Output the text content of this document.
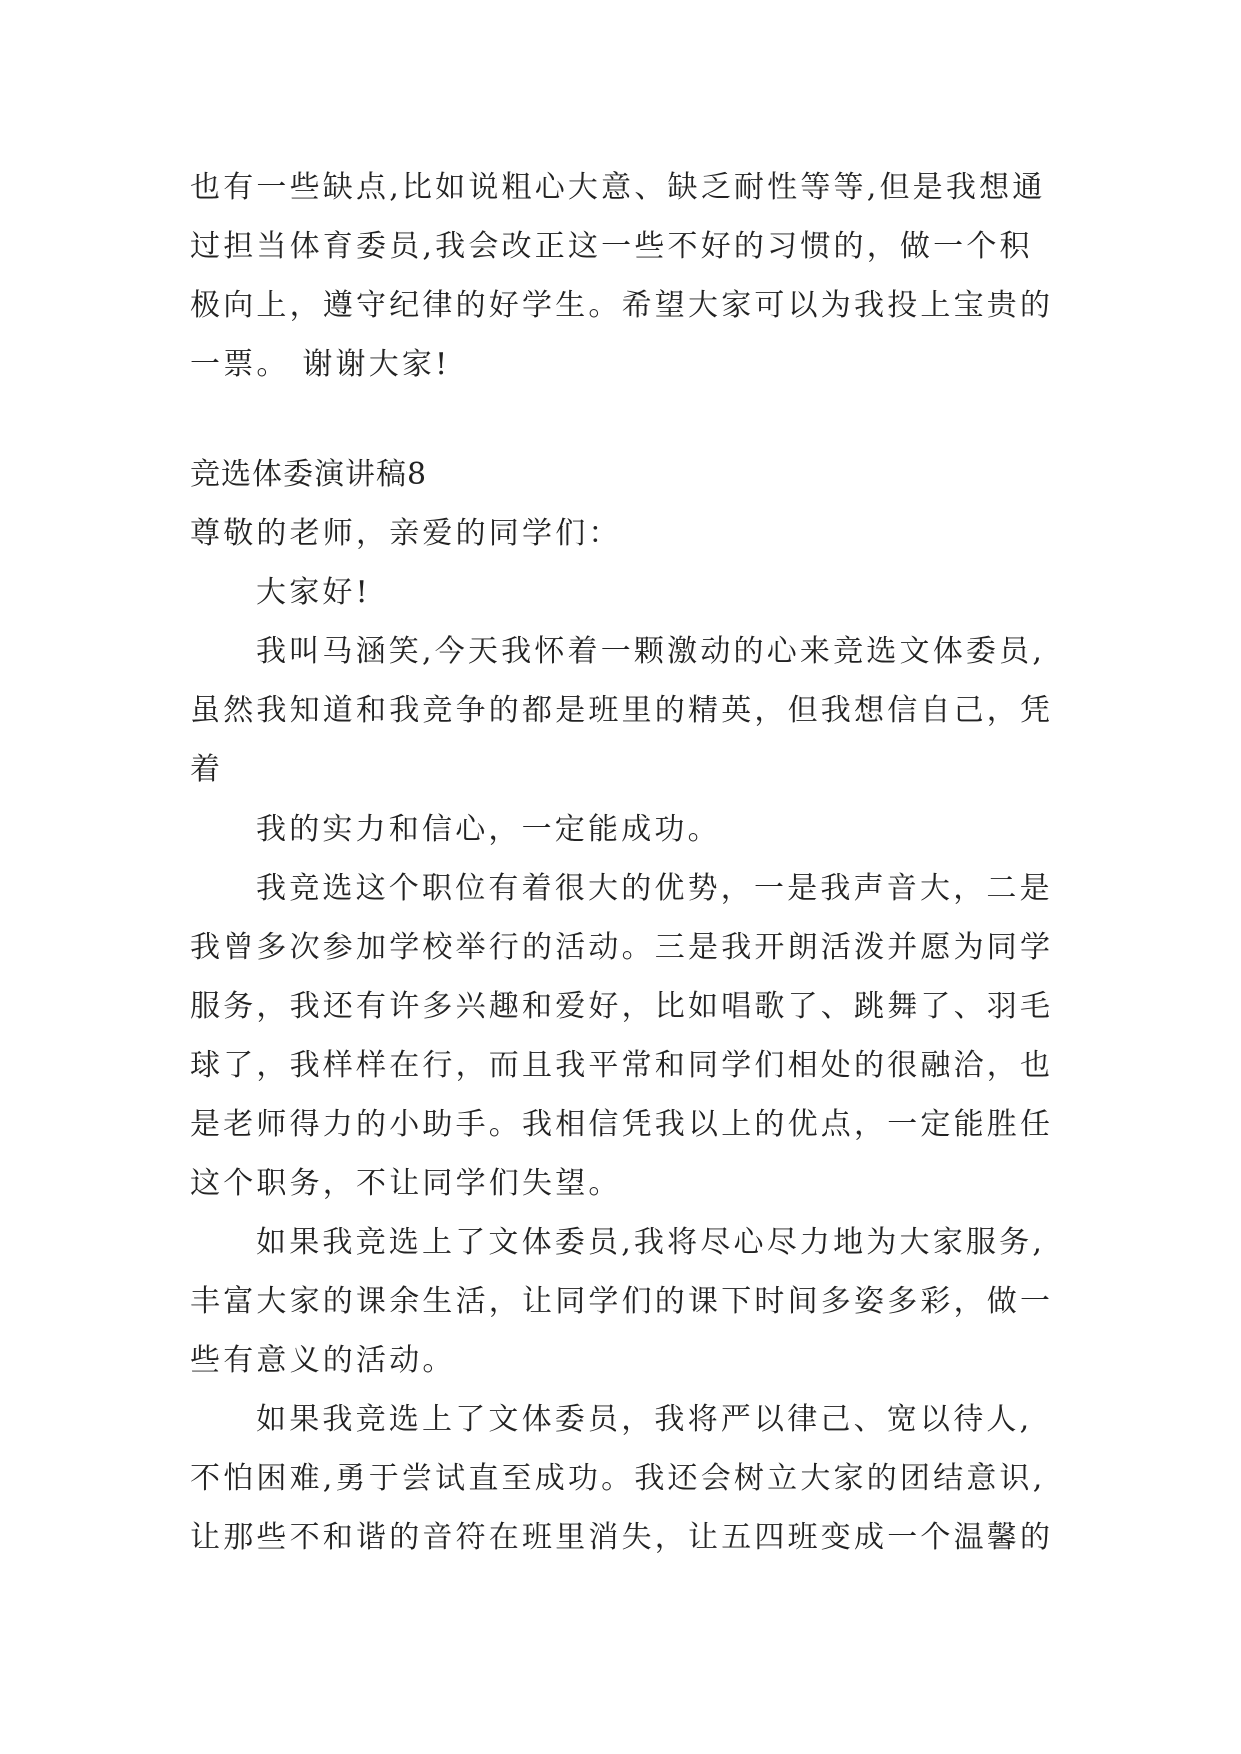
也有一些缺点,比如说粗心大意、缺乏耐性等等,但是我想通
过担当体育委员,我会改正这一些不好的习惯的，做一个积
极向上，遵守纪律的好学生。希望大家可以为我投上宝贵的
一票。 谢谢大家!
竞选体委演讲稿8
尊敬的老师，亲爱的同学们：
大家好!
我叫马涵笑,今天我怀着一颗激动的心来竞选文体委员,
虽然我知道和我竞争的都是班里的精英，但我想信自己，凭
着
我的实力和信心，一定能成功。
我竞选这个职位有着很大的优势，一是我声音大，二是
我曾多次参加学校举行的活动。三是我开朗活泼并愿为同学
服务，我还有许多兴趣和爱好，比如唱歌了、跳舞了、羽毛
球了，我样样在行，而且我平常和同学们相处的很融洽，也
是老师得力的小助手。我相信凭我以上的优点，一定能胜任
这个职务，不让同学们失望。
如果我竞选上了文体委员,我将尽心尽力地为大家服务,
丰富大家的课余生活，让同学们的课下时间多姿多彩，做一
些有意义的活动。
如果我竞选上了文体委员，我将严以律己、宽以待人,
不怕困难,勇于尝试直至成功。我还会树立大家的团结意识,
让那些不和谐的音符在班里消失，让五四班变成一个温馨的
